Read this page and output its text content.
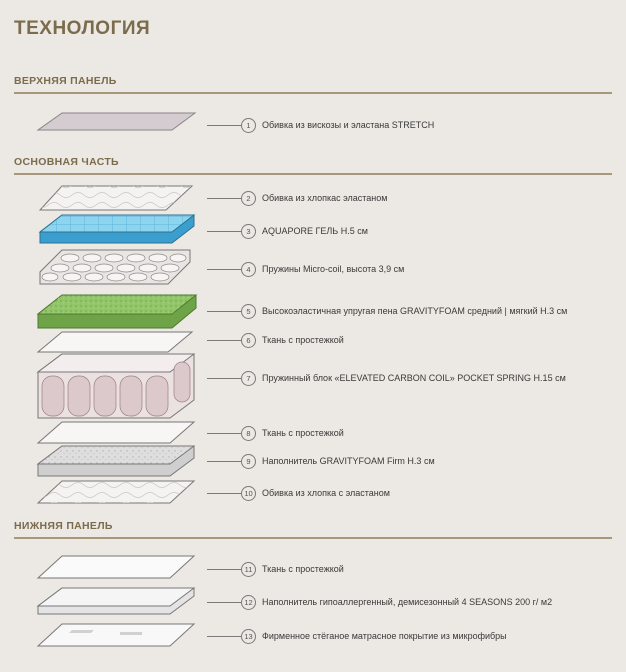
ТЕХНОЛОГИЯ
ВЕРХНЯЯ ПАНЕЛЬ
ОСНОВНАЯ ЧАСТЬ
НИЖНЯЯ ПАНЕЛЬ
1	Обивка из вискозы и эластана STRETCH
2	Обивка из хлопкас эластаном
3	AQUAPORE ГЕЛЬ Н.5 см
4	Пружины Micro-coil, высота 3,9 см
5	Высокоэластичная упругая пена GRAVITYFOAM средний | мягкий Н.3 см
6	Ткань с простежкой
7	Пружинный блок «ELEVATED CARBON COIL» POCKET SPRING Н.15 см
8	Ткань с простежкой
9	Наполнитель GRAVITYFOAM Firm Н.3 см
10	Обивка из хлопка с эластаном
11	Ткань с простежкой
12	Наполнитель гипоаллергенный, демисезонный 4 SEASONS 200 г/ м2
13	Фирменное стёганое матрасное покрытие из микрофибры
